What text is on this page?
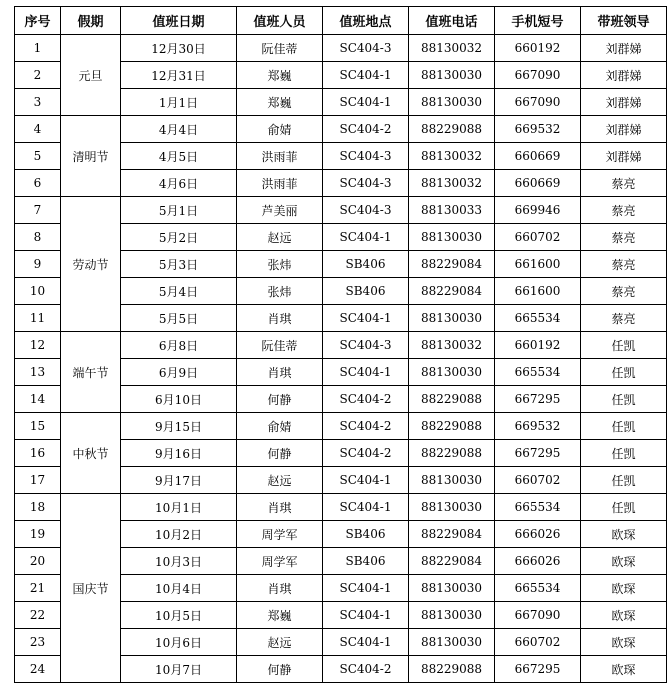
序号	假期	值班日期	值班人员	值班地点	值班电话	手机短号	带班领导
1	元旦	12月30日	阮佳蒂	SC404-3	88130032	660192	刘群娣
2		12月31日	郑巍	SC404-1	88130030	667090	刘群娣
3		1月1日	郑巍	SC404-1	88130030	667090	刘群娣
4	清明节	4月4日	俞婧	SC404-2	88229088	669532	刘群娣
5		4月5日	洪雨菲	SC404-3	88130032	660669	刘群娣
6		4月6日	洪雨菲	SC404-3	88130032	660669	蔡亮
7	劳动节	5月1日	芦美丽	SC404-3	88130033	669946	蔡亮
8		5月2日	赵远	SC404-1	88130030	660702	蔡亮
9		5月3日	张炜	SB406	88229084	661600	蔡亮
10		5月4日	张炜	SB406	88229084	661600	蔡亮
11		5月5日	肖琪	SC404-1	88130030	665534	蔡亮
12	端午节	6月8日	阮佳蒂	SC404-3	88130032	660192	任凯
13		6月9日	肖琪	SC404-1	88130030	665534	任凯
14		6月10日	何静	SC404-2	88229088	667295	任凯
15	中秋节	9月15日	俞婧	SC404-2	88229088	669532	任凯
16		9月16日	何静	SC404-2	88229088	667295	任凯
17		9月17日	赵远	SC404-1	88130030	660702	任凯
18	国庆节	10月1日	肖琪	SC404-1	88130030	665534	任凯
19		10月2日	周学军	SB406	88229084	666026	欧琛
20		10月3日	周学军	SB406	88229084	666026	欧琛
21		10月4日	肖琪	SC404-1	88130030	665534	欧琛
22		10月5日	郑巍	SC404-1	88130030	667090	欧琛
23		10月6日	赵远	SC404-1	88130030	660702	欧琛
24		10月7日	何静	SC404-2	88229088	667295	欧琛
